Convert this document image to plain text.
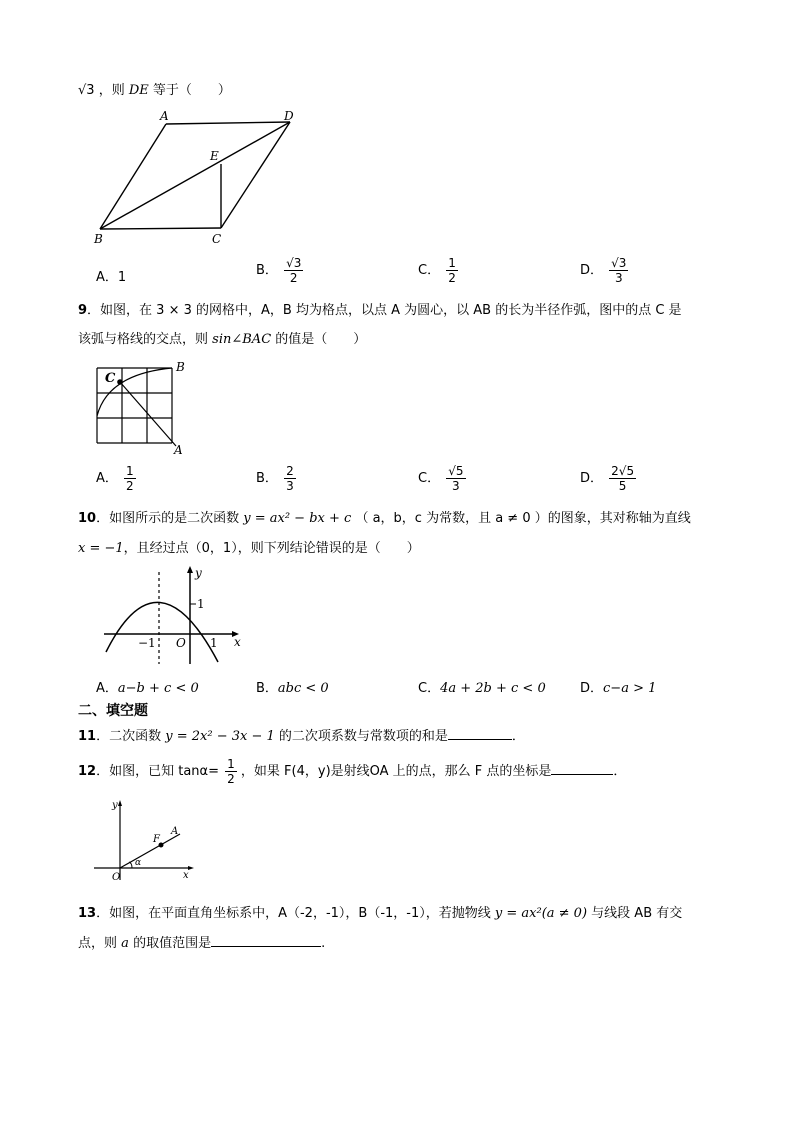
√3 ，则 DE 等于（　　）
A	D
E
B	C
A．1	B． $\frac{√3}{2}$	C． $\frac{1}{2}$	D． $\frac{√3}{3}$
9．如图，在 3 × 3 的网格中，A，B 均为格点，以点 A 为圆心，以 AB 的长为半径作弧，图中的点 C 是
该弧与格线的交点，则 sin∠BAC 的值是（　　）
C
B
A
A． $\frac{1}{2}$	B． $\frac{2}{3}$	C． $\frac{√5}{3}$	D． $\frac{2√5}{5}$
10．如图所示的是二次函数 y = ax² − bx + c （ a，b，c 为常数，且 a ≠ 0 ）的图象，其对称轴为直线
x = −1，且经过点（0，1），则下列结论错误的是（　　）
y
1
−1 O 1 x
A．a−b + c < 0	B．abc < 0	C．4a + 2b + c < 0	D．c−a > 1
二、填空题
11．二次函数 y = 2x² − 3x − 1 的二次项系数与常数项的和是	．
12．如图，已知 $\tan\alpha= \frac{1}{2}$ ，如果 F(4，y)是射线OA 上的点，那么 F 点的坐标是	．
y
x
O
F
A
α
13．如图，在平面直角坐标系中，A（-2，-1），B（-1，-1），若抛物线 y = ax²(a ≠ 0) 与线段 AB 有交
点，则 a 的取值范围是	.
